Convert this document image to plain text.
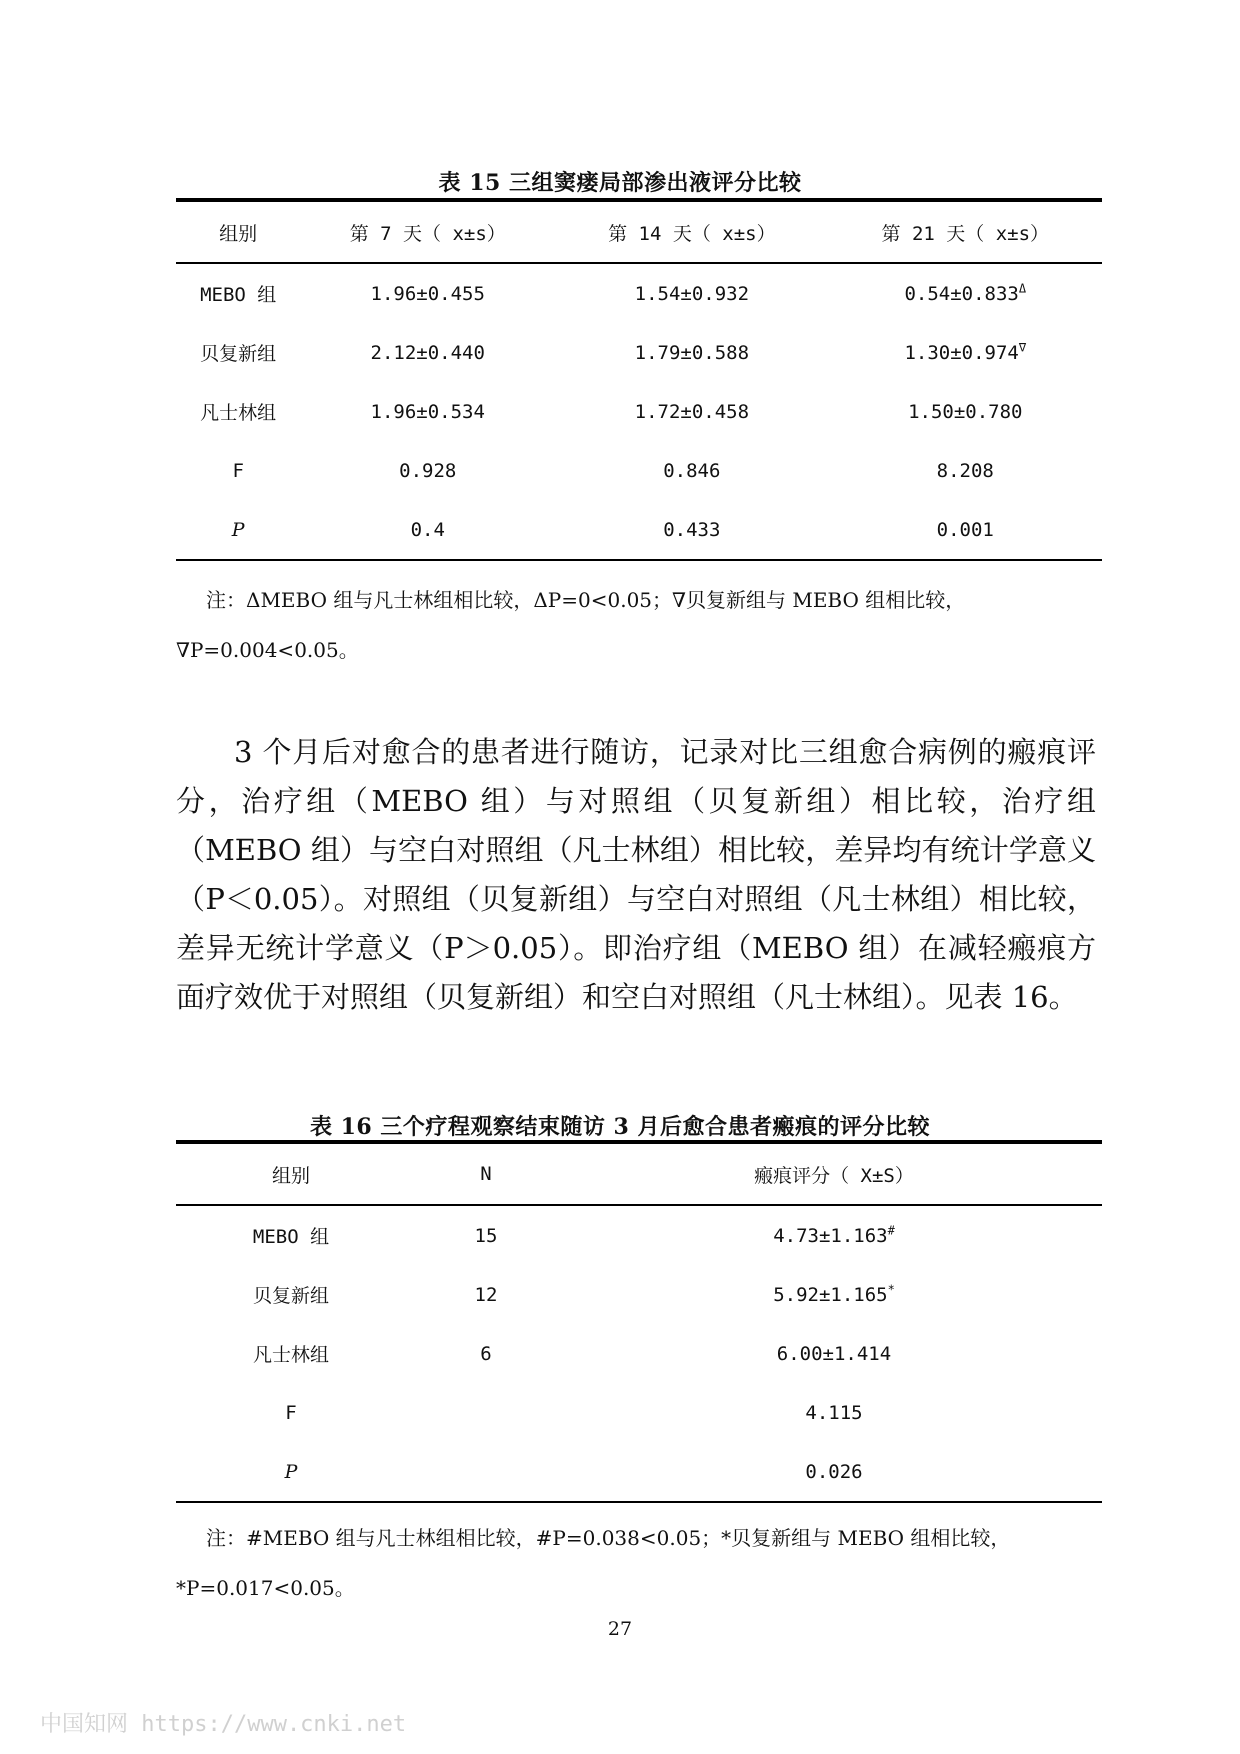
表 15 三组窦瘘局部渗出液评分比较
组别	第 7 天（ x±s）	第 14 天（ x±s）	第 21 天（ x±s）
MEBO 组	1.96±0.455	1.54±0.932	$0.54\pm 0.833^\Delta$
贝复新组	2.12±0.440	1.79±0.588	1.30±0.974∇
凡士林组	1.96±0.534	1.72±0.458	1.50±0.780
F	0.928	0.846	8.208
P	0.4	0.433	0.001
注：ΔMEBO 组与凡士林组相比较，ΔP=0<0.05；∇贝复新组与 MEBO 组相比较，
∇P=0.004<0.05。
3 个月后对愈合的患者进行随访，记录对比三组愈合病例的瘢痕评分，治疗组（MEBO 组）与对照组（贝复新组）相比较，治疗组（MEBO 组）与空白对照组（凡士林组）相比较，差异均有统计学意义（P＜0.05）。对照组（贝复新组）与空白对照组（凡士林组）相比较，差异无统计学意义（P＞0.05）。即治疗组（MEBO 组）在减轻瘢痕方面疗效优于对照组（贝复新组）和空白对照组（凡士林组）。见表 16。
表 16 三个疗程观察结束随访 3 月后愈合患者瘢痕的评分比较
组别	N	瘢痕评分（ X±S）
MEBO 组	15	4.73±1.163#
贝复新组	12	5.92±1.165*
凡士林组	6	6.00±1.414
F		4.115
P		0.026
注：#MEBO 组与凡士林组相比较，#P=0.038<0.05；*贝复新组与 MEBO 组相比较，
*P=0.017<0.05。
27
中国知网 https://www.cnki.net
